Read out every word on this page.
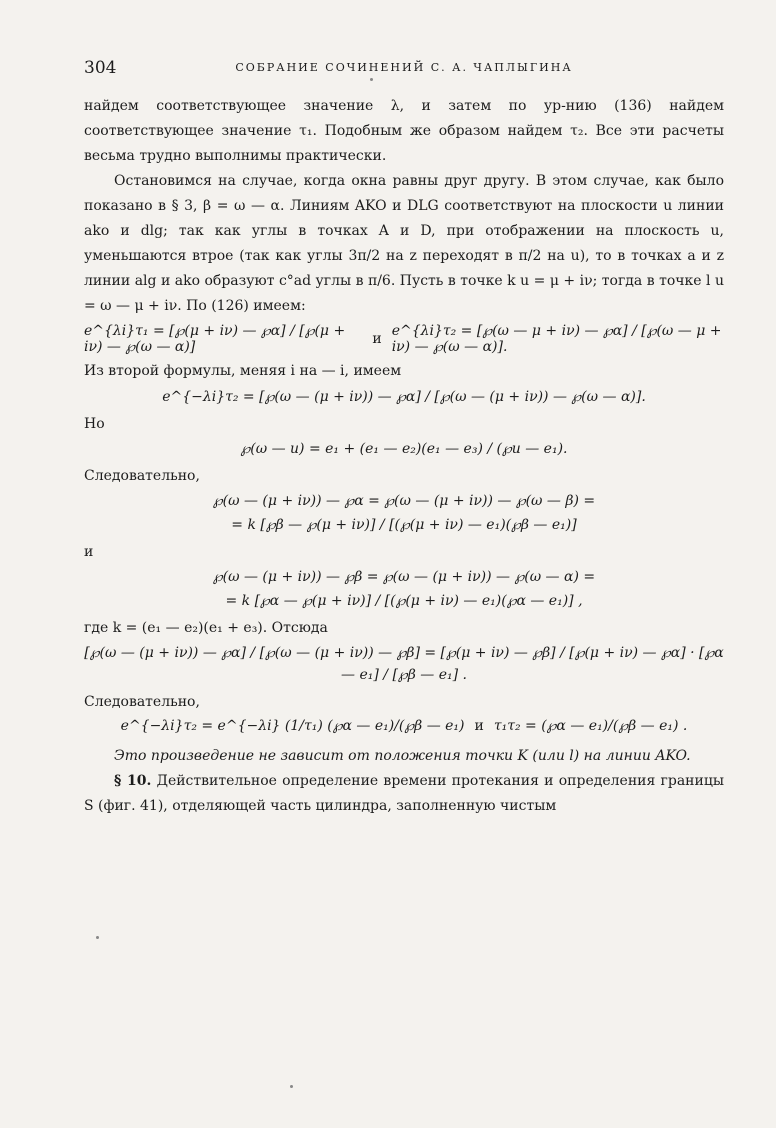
304	СОБРАНИЕ СОЧИНЕНИЙ С. А. ЧАПЛЫГИНА

найдем соответствующее значение λ, и затем по ур-нию (136) найдем соответствующее значение τ₁. Подобным же образом найдем τ₂. Все эти расчеты весьма трудно выполнимы практически.

Остановимся на случае, когда окна равны друг другу. В этом случае, как было показано в § 3, β = ω — α. Линиям AKO и DLG соответствуют на плоскости u линии ako и dlg; так как углы в точках A и D, при отображении на плоскость u, уменьшаются втрое (так как углы 3π/2 на z переходят в π/2 на u), то в точках a и z линии alg и ako образуют c°ad углы в π/6. Пусть в точке k u = μ + iν; тогда в точке l u = ω — μ + iν. По (126) имеем:

e^{λi}τ₁ = [℘(μ + iν) — ℘α] / [℘(μ + iν) — ℘(ω — α)]	и e^{λi}τ₂ = [℘(ω — μ + iν) — ℘α] / [℘(ω — μ + iν) — ℘(ω — α)].

Из второй формулы, меняя i на — i, имеем

e^{−λi}τ₂ = [℘(ω — (μ + iν)) — ℘α] / [℘(ω — (μ + iν)) — ℘(ω — α)].

Но

℘(ω — u) = e₁ + (e₁ — e₂)(e₁ — e₃) / (℘u — e₁).

Следовательно,

℘(ω — (μ + iν)) — ℘α = ℘(ω — (μ + iν)) — ℘(ω — β) =
= k [℘β — ℘(μ + iν)] / [(℘(μ + iν) — e₁)(℘β — e₁)]

и

℘(ω — (μ + iν)) — ℘β = ℘(ω — (μ + iν)) — ℘(ω — α) =
= k [℘α — ℘(μ + iν)] / [(℘(μ + iν) — e₁)(℘α — e₁)] ,

где k = (e₁ — e₂)(e₁ + e₃). Отсюда

[℘(ω — (μ + iν)) — ℘α] / [℘(ω — (μ + iν)) — ℘β] = [℘(μ + iν) — ℘β] / [℘(μ + iν) — ℘α] · [℘α — e₁] / [℘β — e₁] .

Следовательно,

e^{−λi}τ₂ = e^{−λi} (1/τ₁) (℘α — e₁)/(℘β — e₁) и τ₁τ₂ = (℘α — e₁)/(℘β — e₁) .

Это произведение не зависит от положения точки K (или l) на линии AKO.

§ 10. Действительное определение времени протекания и определения границы S (фиг. 41), отделяющей часть цилиндра, заполненную чистым
